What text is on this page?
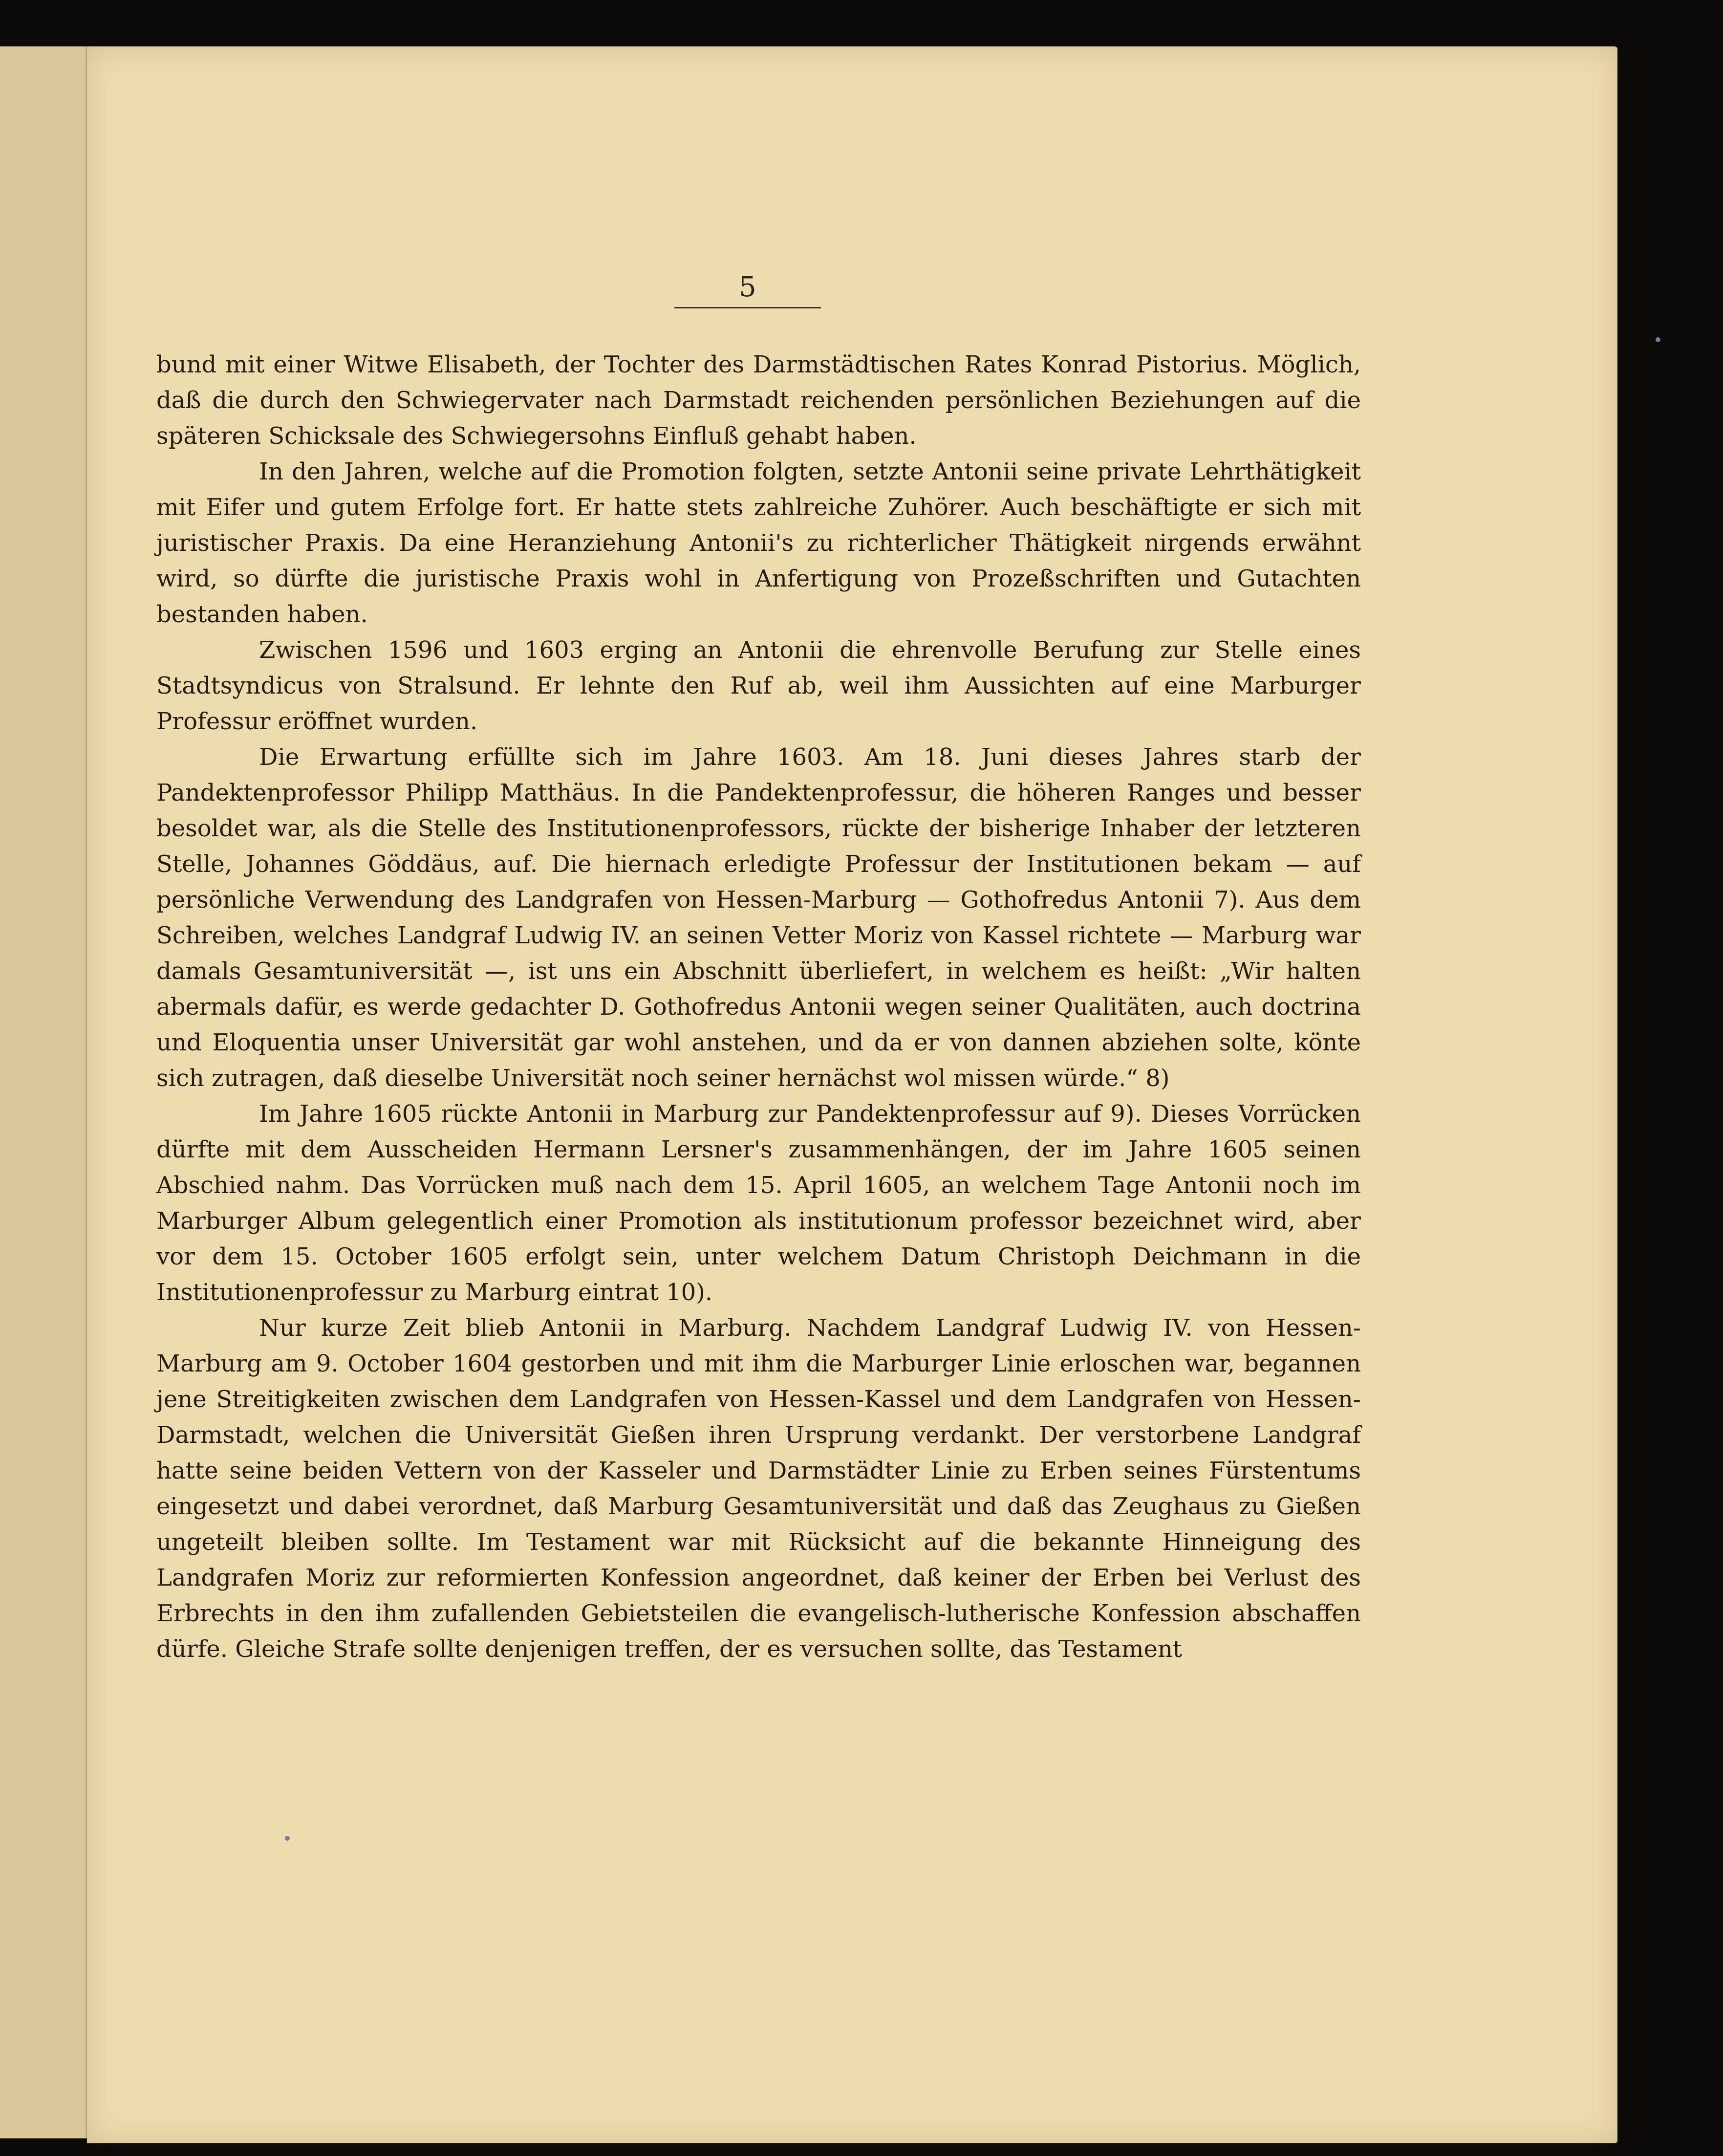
5

bund mit einer Witwe Elisabeth, der Tochter des Darmstädtischen Rates Konrad Pistorius. Möglich, daß die durch den Schwiegervater nach Darmstadt reichenden persönlichen Beziehungen auf die späteren Schicksale des Schwiegersohns Einfluß gehabt haben.

In den Jahren, welche auf die Promotion folgten, setzte Antonii seine private Lehrthätigkeit mit Eifer und gutem Erfolge fort. Er hatte stets zahlreiche Zuhörer. Auch beschäftigte er sich mit juristischer Praxis. Da eine Heranziehung Antonii's zu richterlicher Thätigkeit nirgends erwähnt wird, so dürfte die juristische Praxis wohl in Anfertigung von Prozeßschriften und Gutachten bestanden haben.

Zwischen 1596 und 1603 erging an Antonii die ehrenvolle Berufung zur Stelle eines Stadtsyndicus von Stralsund. Er lehnte den Ruf ab, weil ihm Aussichten auf eine Marburger Professur eröffnet wurden.

Die Erwartung erfüllte sich im Jahre 1603. Am 18. Juni dieses Jahres starb der Pandektenprofessor Philipp Matthäus. In die Pandektenprofessur, die höheren Ranges und besser besoldet war, als die Stelle des Institutionenprofessors, rückte der bisherige Inhaber der letzteren Stelle, Johannes Göddäus, auf. Die hiernach erledigte Professur der Institutionen bekam — auf persönliche Verwendung des Landgrafen von Hessen-Marburg — Gothofredus Antonii 7). Aus dem Schreiben, welches Landgraf Ludwig IV. an seinen Vetter Moriz von Kassel richtete — Marburg war damals Gesamtuniversität —, ist uns ein Abschnitt überliefert, in welchem es heißt: „Wir halten abermals dafür, es werde gedachter D. Gothofredus Antonii wegen seiner Qualitäten, auch doctrina und Eloquentia unser Universität gar wohl anstehen, und da er von dannen abziehen solte, könte sich zutragen, daß dieselbe Universität noch seiner hernächst wol missen würde.“ 8)

Im Jahre 1605 rückte Antonii in Marburg zur Pandektenprofessur auf 9). Dieses Vorrücken dürfte mit dem Ausscheiden Hermann Lersner's zusammenhängen, der im Jahre 1605 seinen Abschied nahm. Das Vorrücken muß nach dem 15. April 1605, an welchem Tage Antonii noch im Marburger Album gelegentlich einer Promotion als institutionum professor bezeichnet wird, aber vor dem 15. October 1605 erfolgt sein, unter welchem Datum Christoph Deichmann in die Institutionenprofessur zu Marburg eintrat 10).

Nur kurze Zeit blieb Antonii in Marburg. Nachdem Landgraf Ludwig IV. von Hessen-Marburg am 9. October 1604 gestorben und mit ihm die Marburger Linie erloschen war, begannen jene Streitigkeiten zwischen dem Landgrafen von Hessen-Kassel und dem Landgrafen von Hessen-Darmstadt, welchen die Universität Gießen ihren Ursprung verdankt. Der verstorbene Landgraf hatte seine beiden Vettern von der Kasseler und Darmstädter Linie zu Erben seines Fürstentums eingesetzt und dabei verordnet, daß Marburg Gesamtuniversität und daß das Zeughaus zu Gießen ungeteilt bleiben sollte. Im Testament war mit Rücksicht auf die bekannte Hinneigung des Landgrafen Moriz zur reformierten Konfession angeordnet, daß keiner der Erben bei Verlust des Erbrechts in den ihm zufallenden Gebietsteilen die evangelisch-lutherische Konfession abschaffen dürfe. Gleiche Strafe sollte denjenigen treffen, der es versuchen sollte, das Testament
